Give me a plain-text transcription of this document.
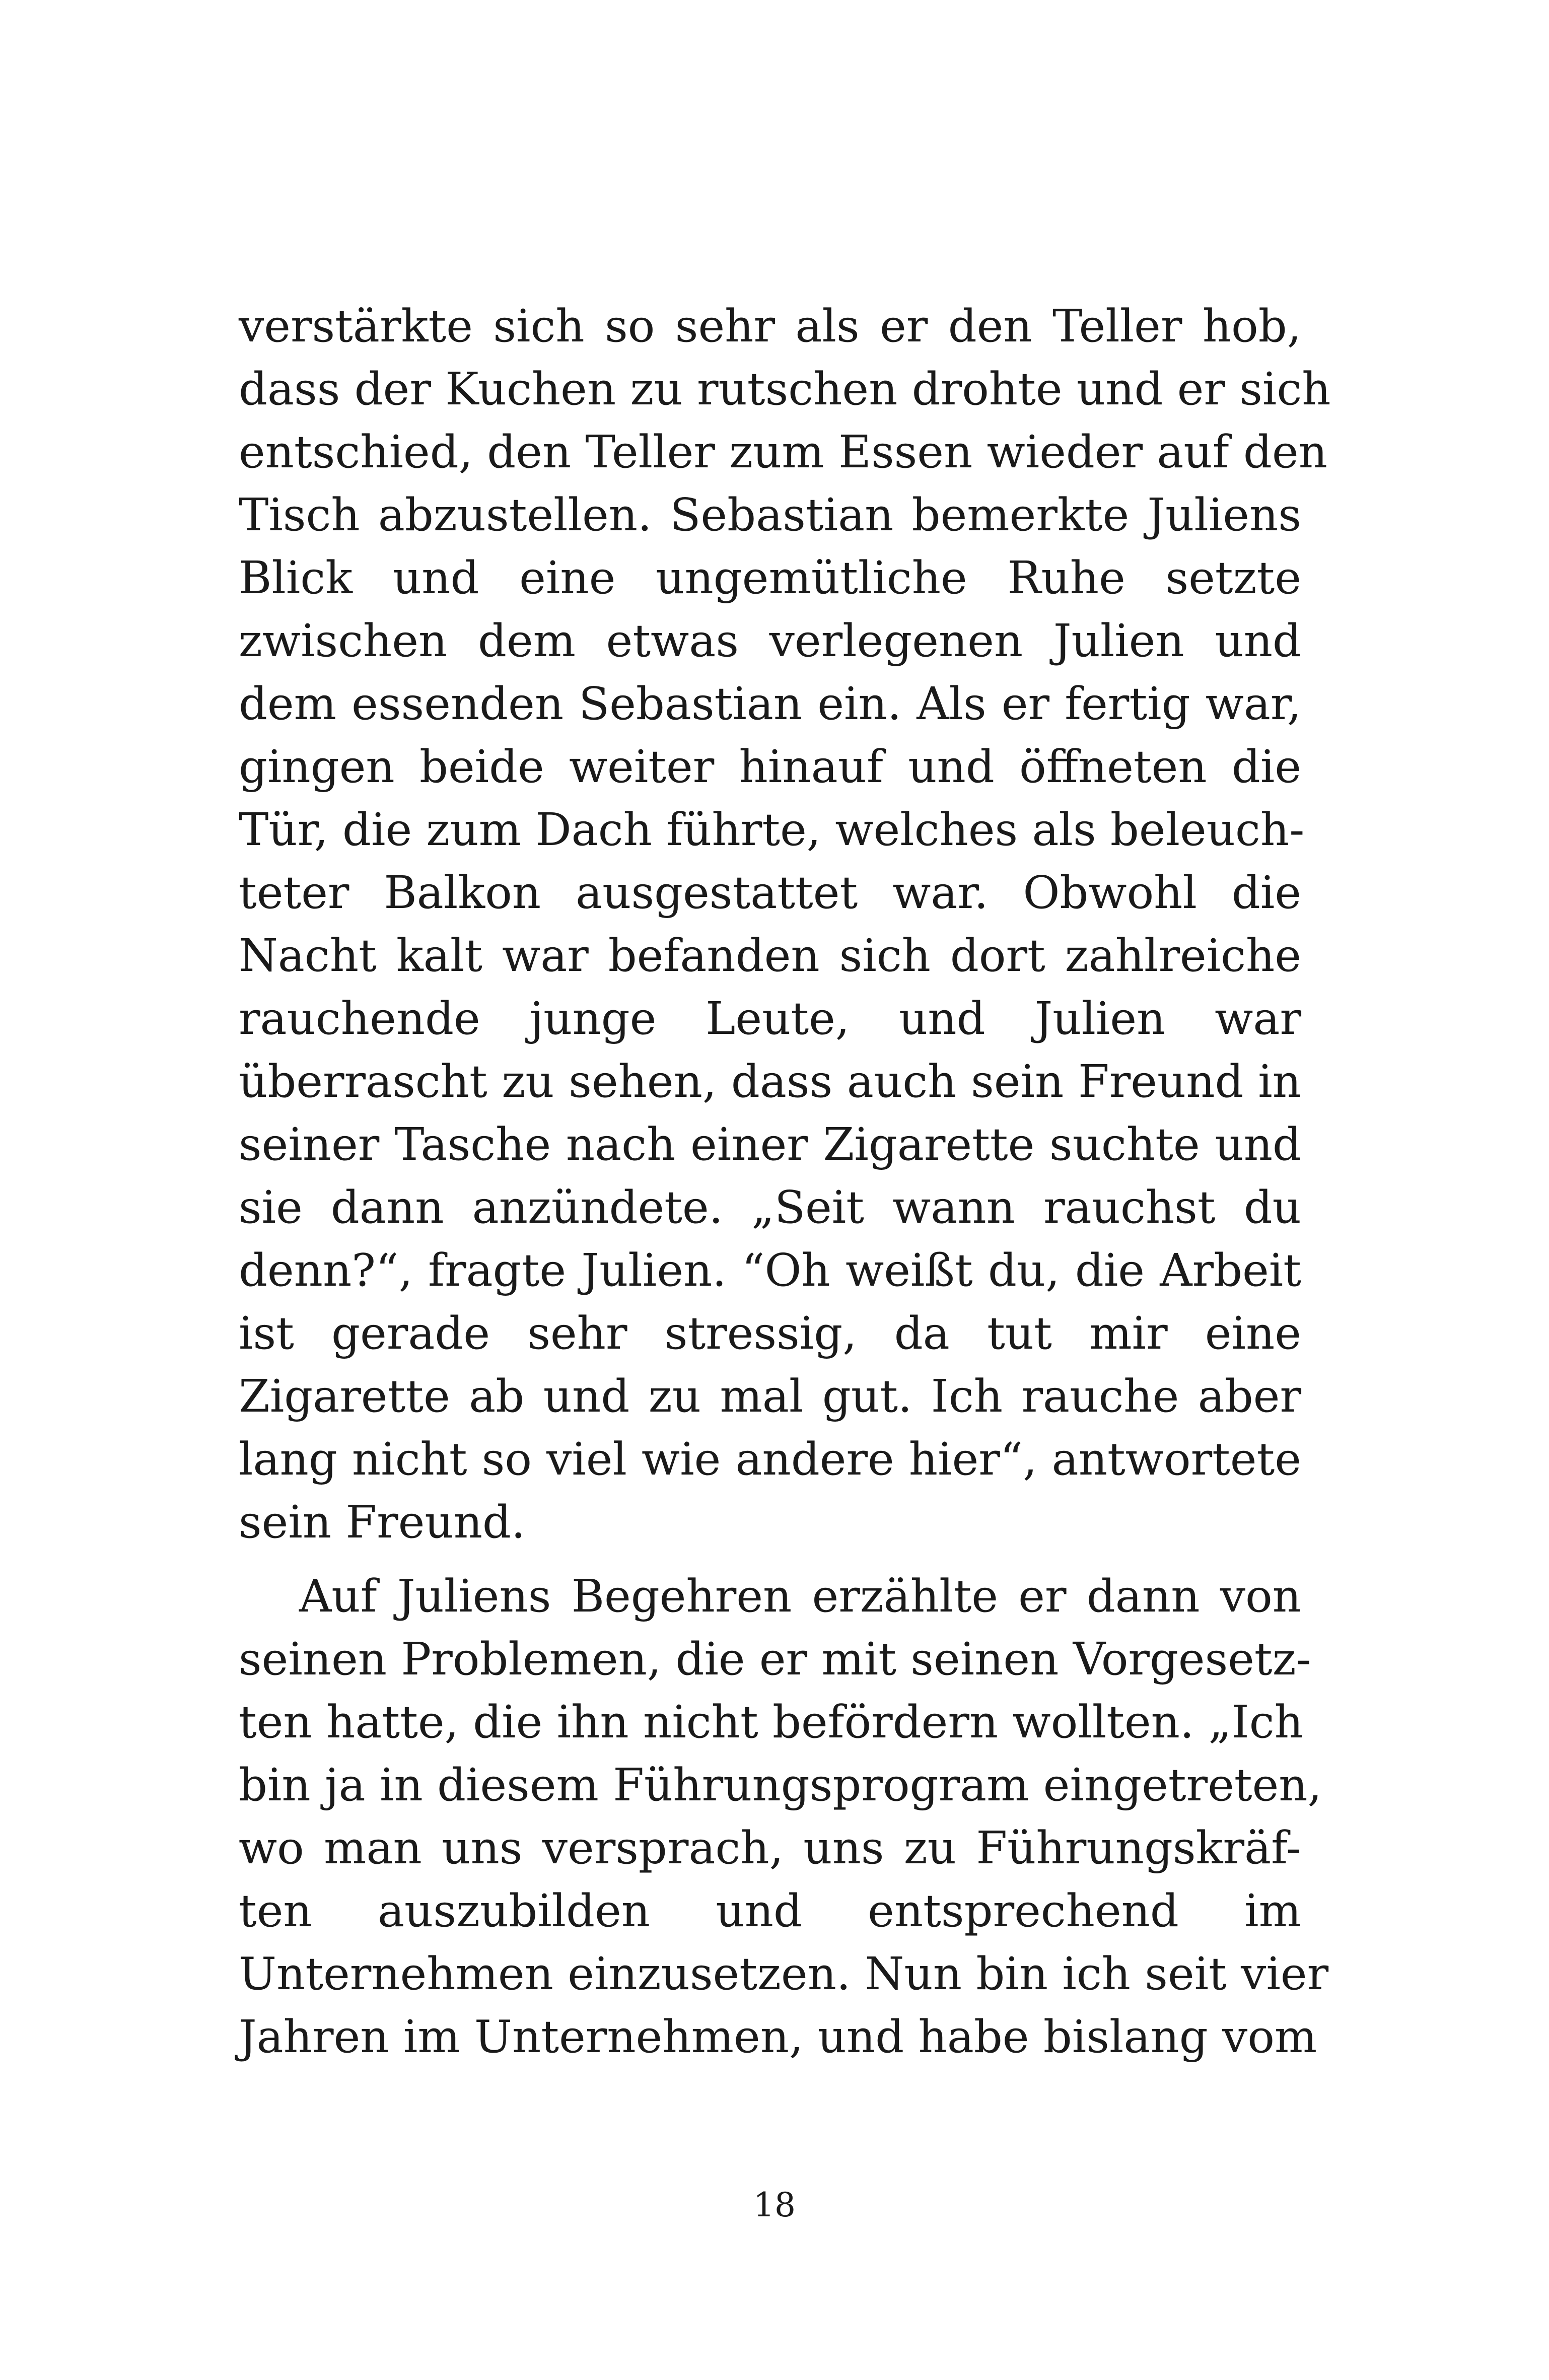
verstärkte sich so sehr als er den Teller hob,
dass der Kuchen zu rutschen drohte und er sich
entschied, den Teller zum Essen wieder auf den
Tisch abzustellen. Sebastian bemerkte Juliens
Blick und eine ungemütliche Ruhe setzte
zwischen dem etwas verlegenen Julien und
dem essenden Sebastian ein. Als er fertig war,
gingen beide weiter hinauf und öffneten die
Tür, die zum Dach führte, welches als beleuch-
teter Balkon ausgestattet war. Obwohl die
Nacht kalt war befanden sich dort zahlreiche
rauchende junge Leute, und Julien war
überrascht zu sehen, dass auch sein Freund in
seiner Tasche nach einer Zigarette suchte und
sie dann anzündete. „Seit wann rauchst du
denn?“, fragte Julien. “Oh weißt du, die Arbeit
ist gerade sehr stressig, da tut mir eine
Zigarette ab und zu mal gut. Ich rauche aber
lang nicht so viel wie andere hier“, antwortete
sein Freund.
Auf Juliens Begehren erzählte er dann von
seinen Problemen, die er mit seinen Vorgesetz-
ten hatte, die ihn nicht befördern wollten. „Ich
bin ja in diesem Führungsprogram eingetreten,
wo man uns versprach, uns zu Führungskräf-
ten auszubilden und entsprechend im
Unternehmen einzusetzen. Nun bin ich seit vier
Jahren im Unternehmen, und habe bislang vom
18
